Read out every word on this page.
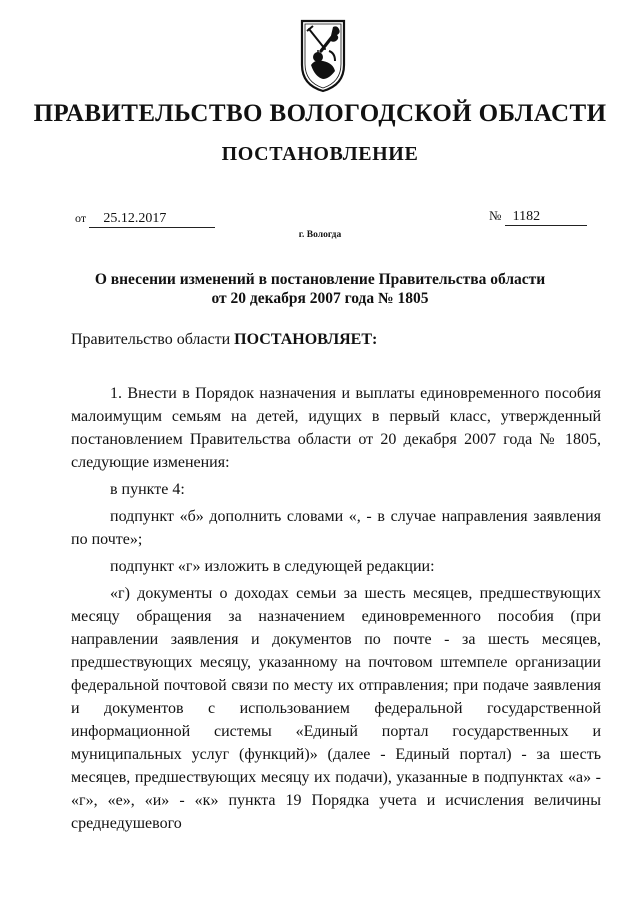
ПРАВИТЕЛЬСТВО ВОЛОГОДСКОЙ ОБЛАСТИ
ПОСТАНОВЛЕНИЕ
от 25.12.2017	№ 1182
г. Вологда
О внесении изменений в постановление Правительства области
от 20 декабря 2007 года № 1805
Правительство области ПОСТАНОВЛЯЕТ:

1. Внести в Порядок назначения и выплаты единовременного пособия малоимущим семьям на детей, идущих в первый класс, утвержденный постановлением Правительства области от 20 декабря 2007 года № 1805, следующие изменения:

в пункте 4:

подпункт «б» дополнить словами «, - в случае направления заявления по почте»;

подпункт «г» изложить в следующей редакции:

«г) документы о доходах семьи за шесть месяцев, предшествующих месяцу обращения за назначением единовременного пособия (при направлении заявления и документов по почте - за шесть месяцев, предшествующих месяцу, указанному на почтовом штемпеле организации федеральной почтовой связи по месту их отправления; при подаче заявления и документов с использованием федеральной государственной информационной системы «Единый портал государственных и муниципальных услуг (функций)» (далее - Единый портал) - за шесть месяцев, предшествующих месяцу их подачи), указанные в подпунктах «а» - «г», «е», «и» - «к» пункта 19 Порядка учета и исчисления величины среднедушевого
